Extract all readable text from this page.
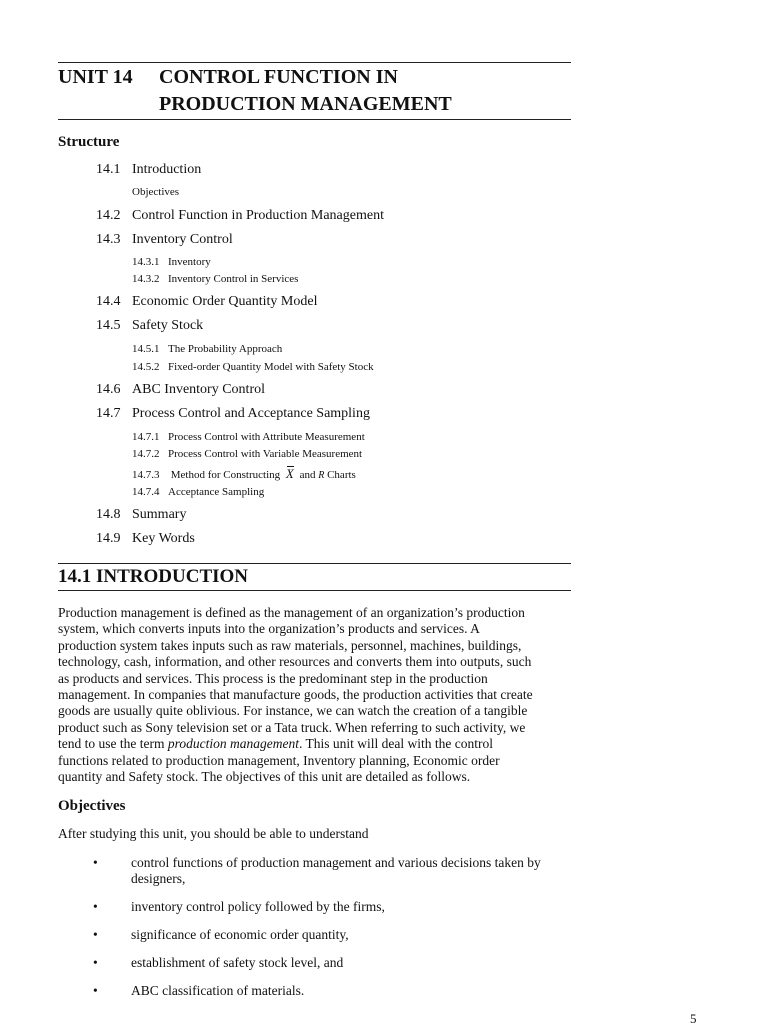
UNIT 14 CONTROL FUNCTION IN
PRODUCTION MANAGEMENT
Structure
14.1 Introduction
Objectives
14.2 Control Function in Production Management
14.3 Inventory Control
14.3.1 Inventory
14.3.2 Inventory Control in Services
14.4 Economic Order Quantity Model
14.5 Safety Stock
14.5.1 The Probability Approach
14.5.2 Fixed-order Quantity Model with Safety Stock
14.6 ABC Inventory Control
14.7 Process Control and Acceptance Sampling
14.7.1 Process Control with Attribute Measurement
14.7.2 Process Control with Variable Measurement
14.7.3 Method for Constructing X and R Charts
14.7.4 Acceptance Sampling
14.8 Summary
14.9 Key Words
14.1 INTRODUCTION
Production management is defined as the management of an organization’s production
system, which converts inputs into the organization’s products and services. A
production system takes inputs such as raw materials, personnel, machines, buildings,
technology, cash, information, and other resources and converts them into outputs, such
as products and services. This process is the predominant step in the production
management. In companies that manufacture goods, the production activities that create
goods are usually quite oblivious. For instance, we can watch the creation of a tangible
product such as Sony television set or a Tata truck. When referring to such activity, we
tend to use the term production management. This unit will deal with the control
functions related to production management, Inventory planning, Economic order
quantity and Safety stock. The objectives of this unit are detailed as follows.
Objectives
After studying this unit, you should be able to understand
• control functions of production management and various decisions taken by designers,
• inventory control policy followed by the firms,
• significance of economic order quantity,
• establishment of safety stock level, and
• ABC classification of materials.
5
